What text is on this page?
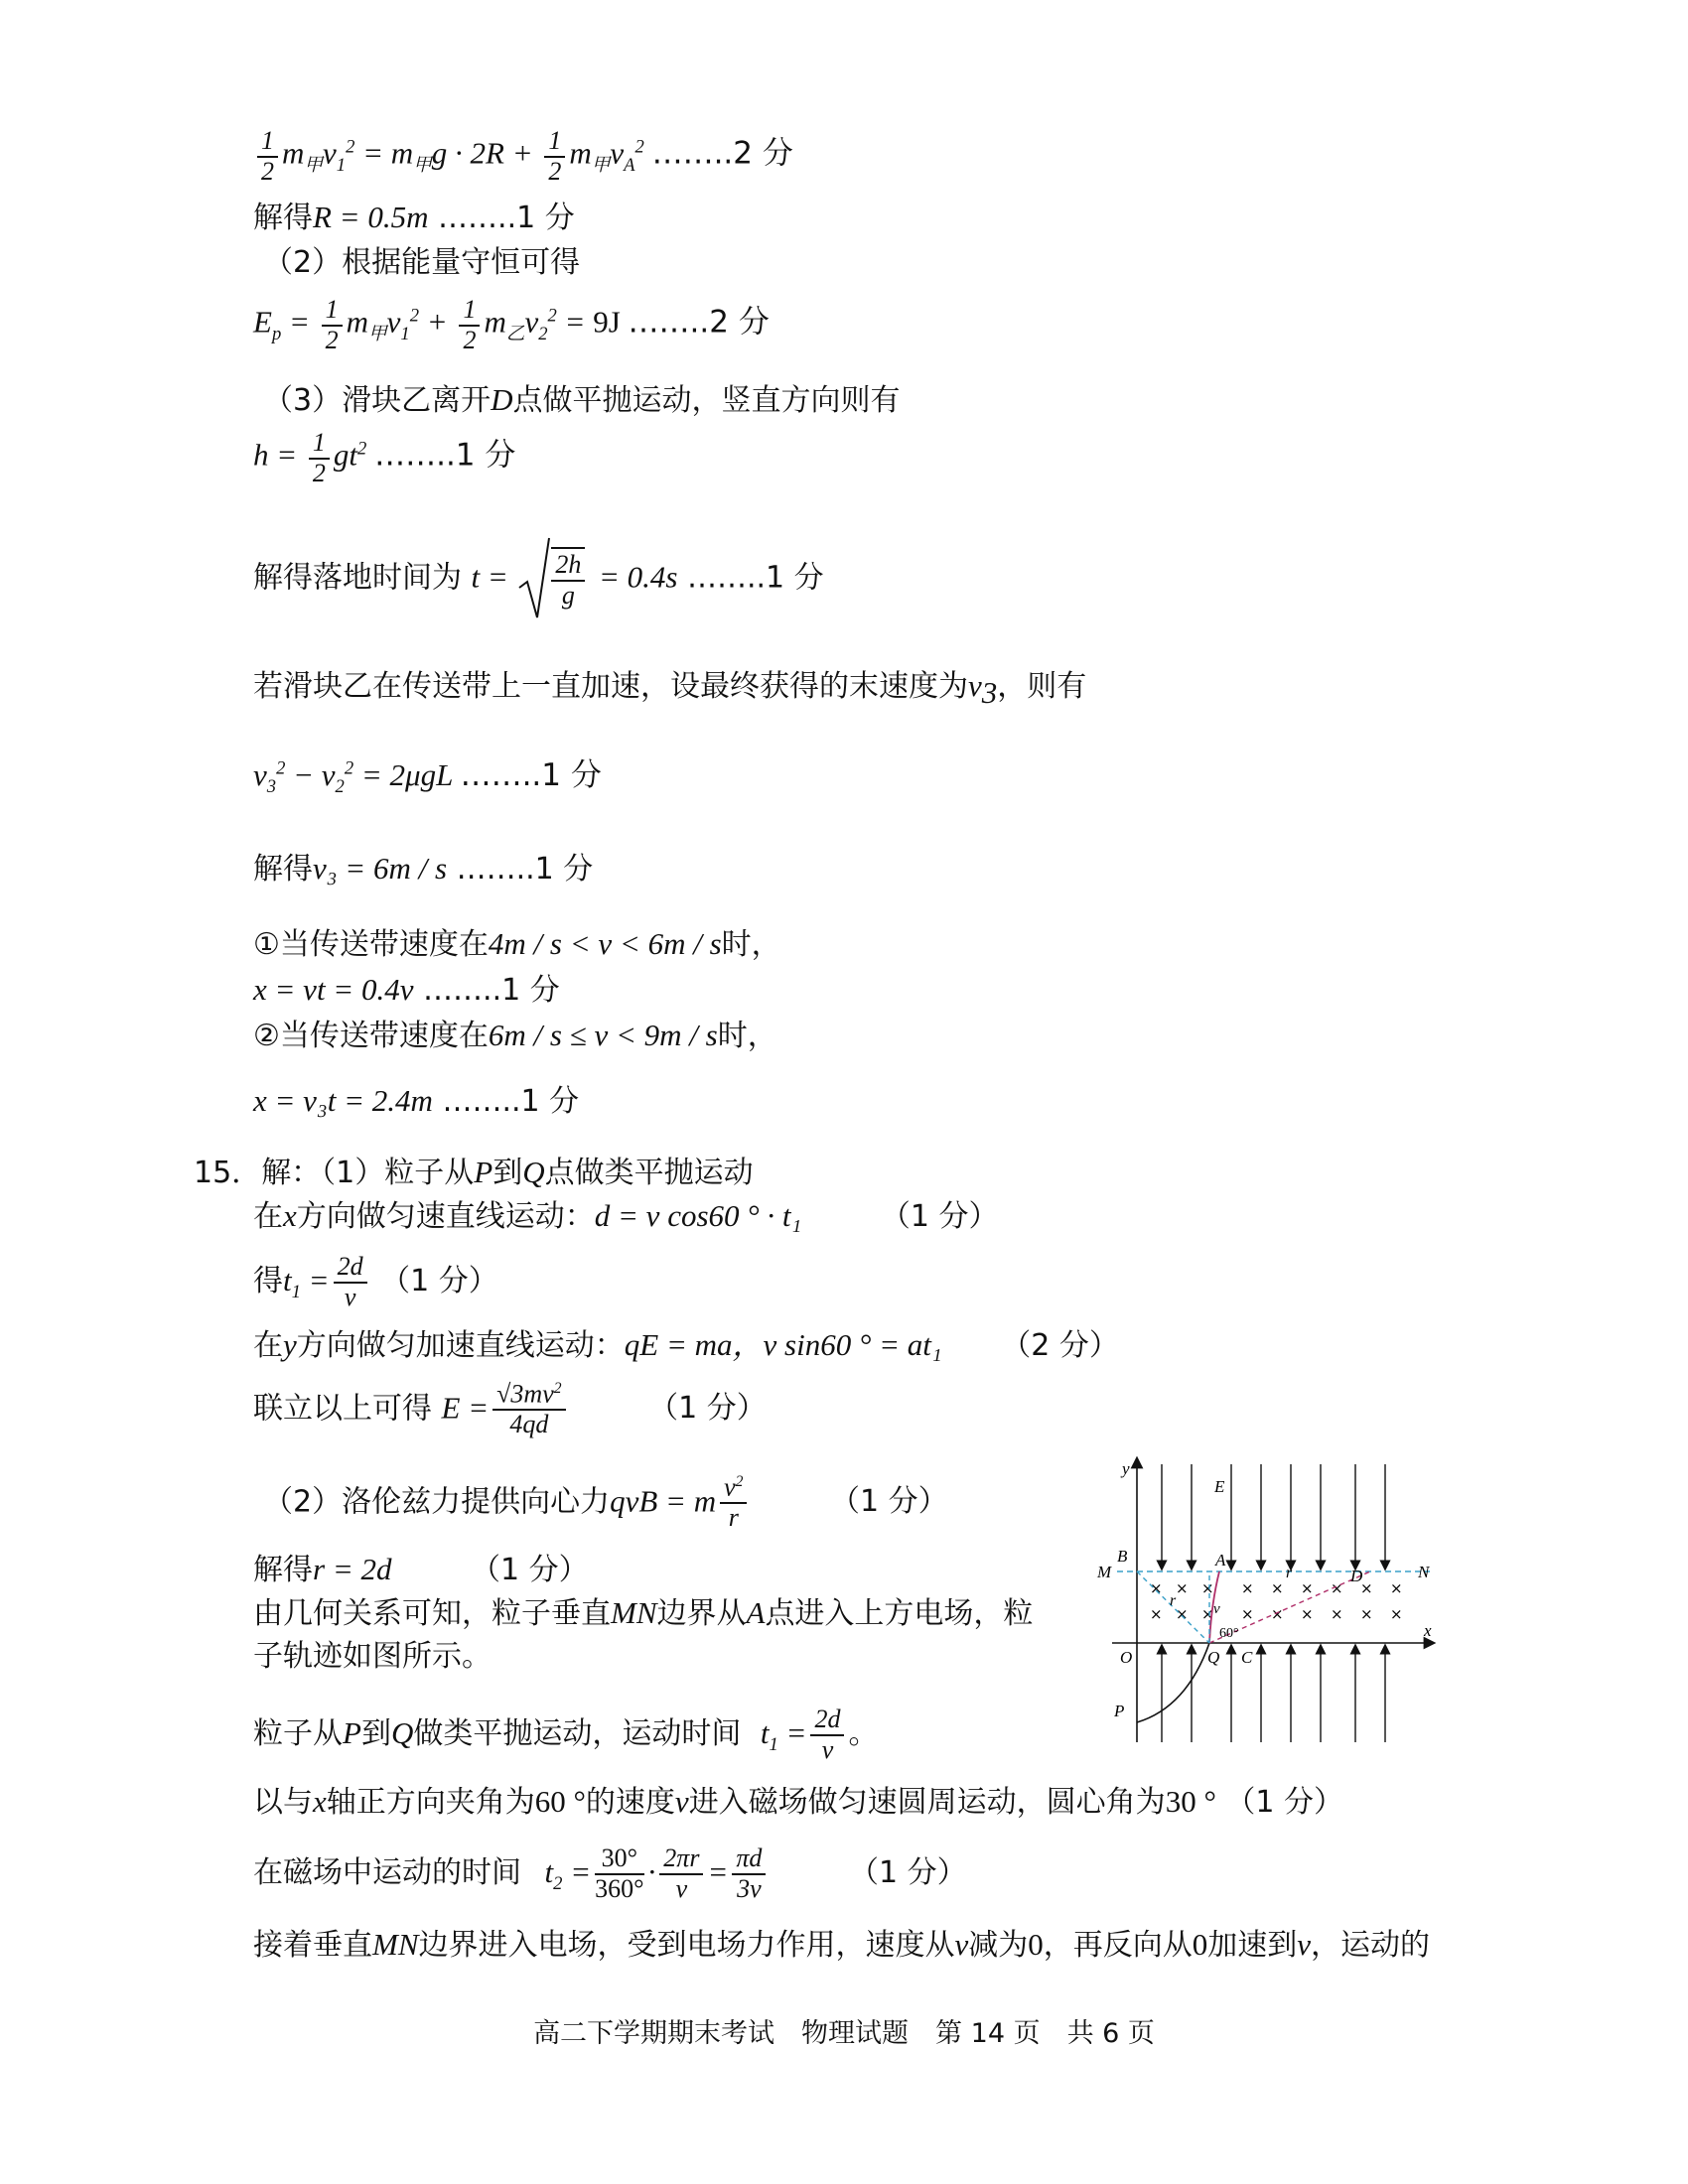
$\frac{1}{2} m_甲v_1^2 = m_甲g \cdot 2R + \frac{1}{2} m_甲v_A^2$ ……..2 分
解得R = 0.5m ……..1 分
（2）根据能量守恒可得
$E_p = \frac{1}{2} m_甲v_1^2 + \frac{1}{2} m_乙v_2^2 = 9J$ ……..2 分
（3）滑块乙离开D点做平抛运动，竖直方向则有
$h = \frac{1}{2} gt^2$ ……..1 分
解得落地时间为 $t = \frac{2h}{g} = 0.4s$ ……..1 分
若滑块乙在传送带上一直加速，设最终获得的末速度为$v_3$，则有
$v_3^2 - v_2^2 = 2\mu gL$ ……..1 分
解得v₃ = 6m / s ……..1 分
①当传送带速度在4m / s < v < 6m / s时，
x = vt = 0.4v ……..1 分
②当传送带速度在6m / s ≤ v < 9m / s时，
x = v₃t = 2.4m ……..1 分
15．解：（1）粒子从P到Q点做类平抛运动
在x方向做匀速直线运动：d = v cos60 ° · t₁	（1 分）
得$t_1 = \frac{2d}{v} (1$ 分）
在y方向做匀加速直线运动：qE = ma，v sin60 ° = at₁ （2 分）
联立以上可得 $E = \frac{√3mv^2}{4qd}$	（1 分）
（2）洛伦兹力提供向心力qvB = m $\frac{v^2}{r}$	（1 分）
解得r = 2d	（1 分）
由几何关系可知，粒子垂直MN边界从A点进入上方电场，粒
子轨迹如图所示。
粒子从P到Q做类平抛运动，运动时间 $t_1 = \frac{2d}{v}$ 。
以与x轴正方向夹角为60 °的速度v进入磁场做匀速圆周运动，圆心角为30 ° （1 分）
在磁场中运动的时间 $t_2 = \frac{30^\circ}{360^\circ} \cdot \frac{2\pi r}{v} = \frac{\pi d}{3v}$	（1 分）
接着垂直MN边界进入电场，受到电场力作用，速度从v减为0，再反向从0加速到v，运动的
× × × × × × × × ×
× × × × × × × × ×
y
x
E
M	N
B	A
D
O	Q C
P
r
r
v
60°
高二下学期期末考试　物理试题　第 14 页　共 6 页
